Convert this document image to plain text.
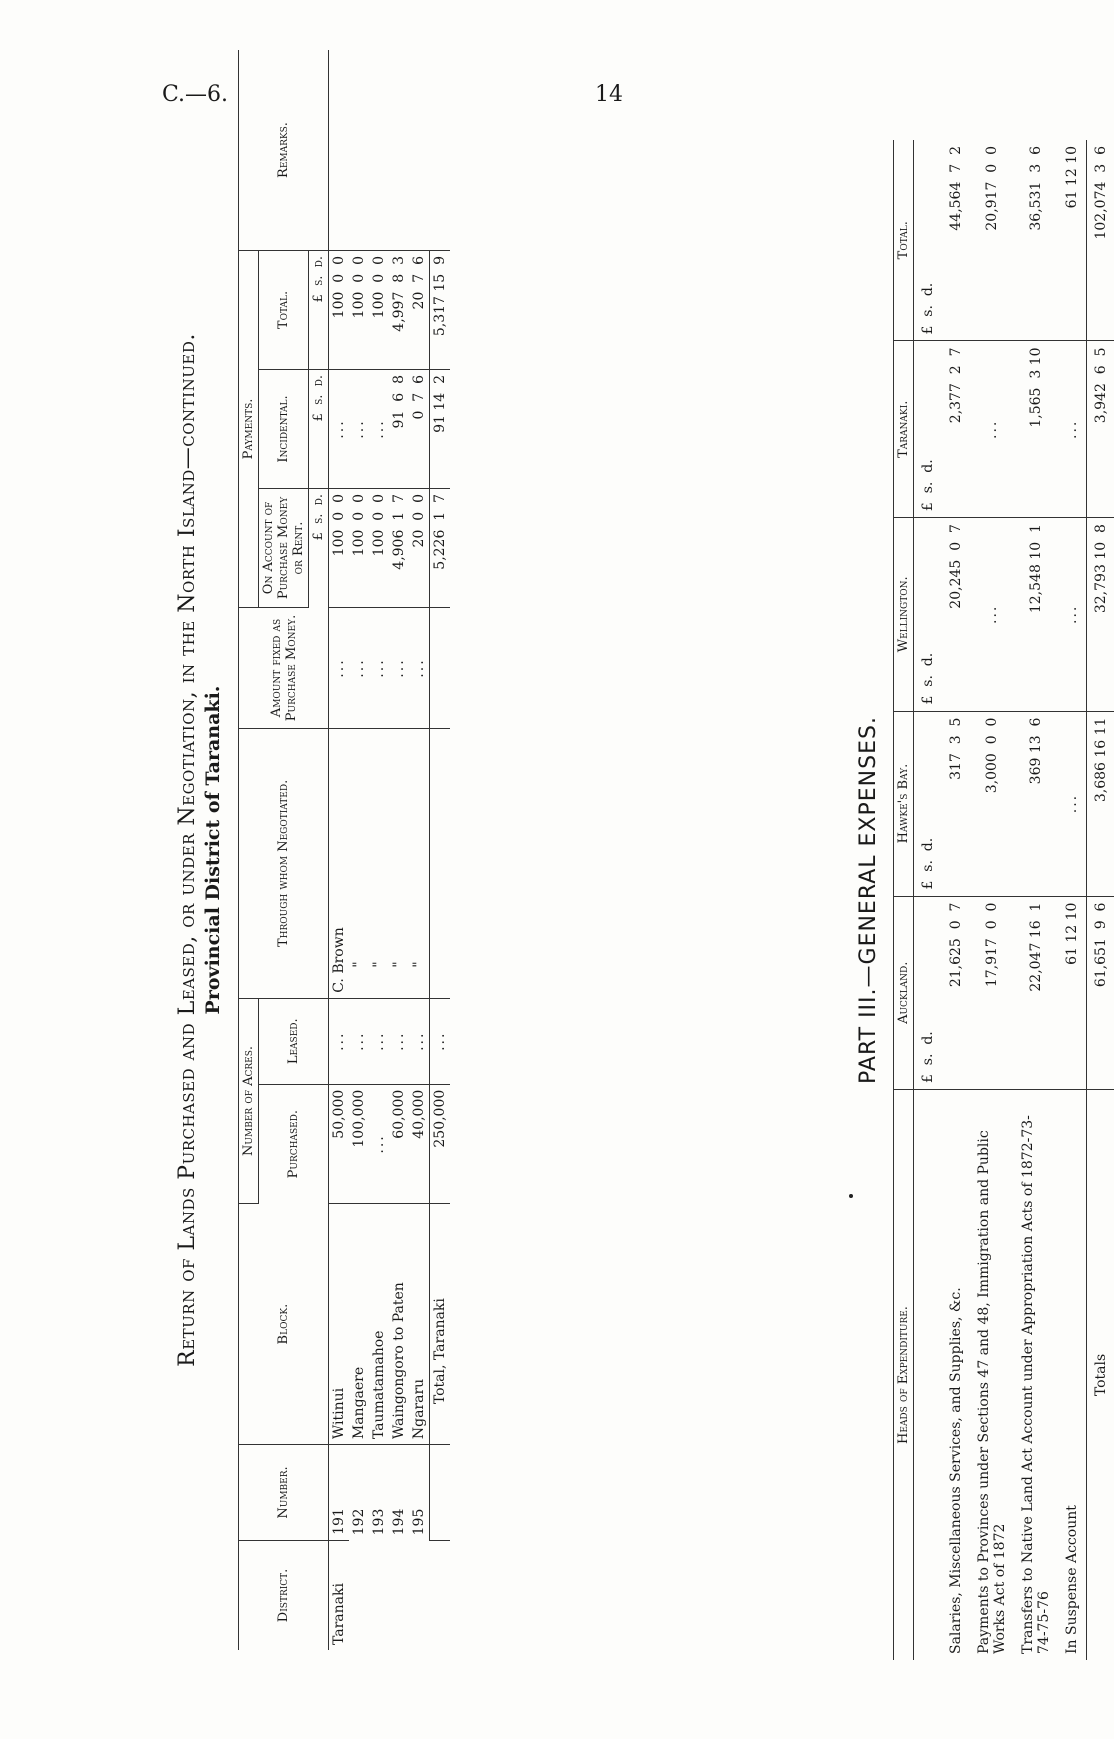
C.—6.	14
Return of Lands Purchased and Leased, or under Negotiation, in the North Island—continued. Provincial District of Taranaki.
District.	Number.	Block.	Number of Acres.		Through whom Negotiated.	Amount fixed as Purchase Money.	Payments.			Remarks.
			Purchased.	Leased.			On Account of Purchase Money or Rent.	Incidental.	Total.	
							£  s.  d.	£  s.  d.	£  s.  d.	
Taranaki	191	Witinui	50,000	...	C. Brown	...	100  0  0	...	100  0  0	
	192	Mangaere	100,000	...	"	...	100  0  0	...	100  0  0	
	193	Taumatamahoe	...	...	"	...	100  0  0	...	100  0  0	
	194	Waingongoro to Paten	60,000	...	"	...	4,906  1  7	91  6  8	4,997  8  3	
	195	Ngararu	40,000	...	"	...	20  0  0	0  7  6	20  7  6	
		Total, Taranaki	250,000	...			5,226  1  7	91 14  2	5,317 15  9	
PART III.—GENERAL EXPENSES.
Heads of Expenditure.	Auckland.	Hawke's Bay.	Wellington.	Taranaki.	Total.
	£  s.  d.	£  s.  d.	£  s.  d.	£  s.  d.	£  s.  d.
Salaries, Miscellaneous Services, and Supplies, &c.	21,625  0  7	317  3  5	20,245  0  7	2,377  2  7	44,564  7  2
Payments to Provinces under Sections 47 and 48, Immigration and Public Works Act of 1872	17,917  0  0	3,000  0  0	...	...	20,917  0  0
Transfers to Native Land Act Account under Appropriation Acts of 1872-73-74-75-76	22,047 16  1	369 13  6	12,548 10  1	1,565  3 10	36,531  3  6
In Suspense Account	61 12 10	...	...	...	61 12 10
Totals	61,651  9  6	3,686 16 11	32,793 10  8	3,942  6  5	102,074  3  6
